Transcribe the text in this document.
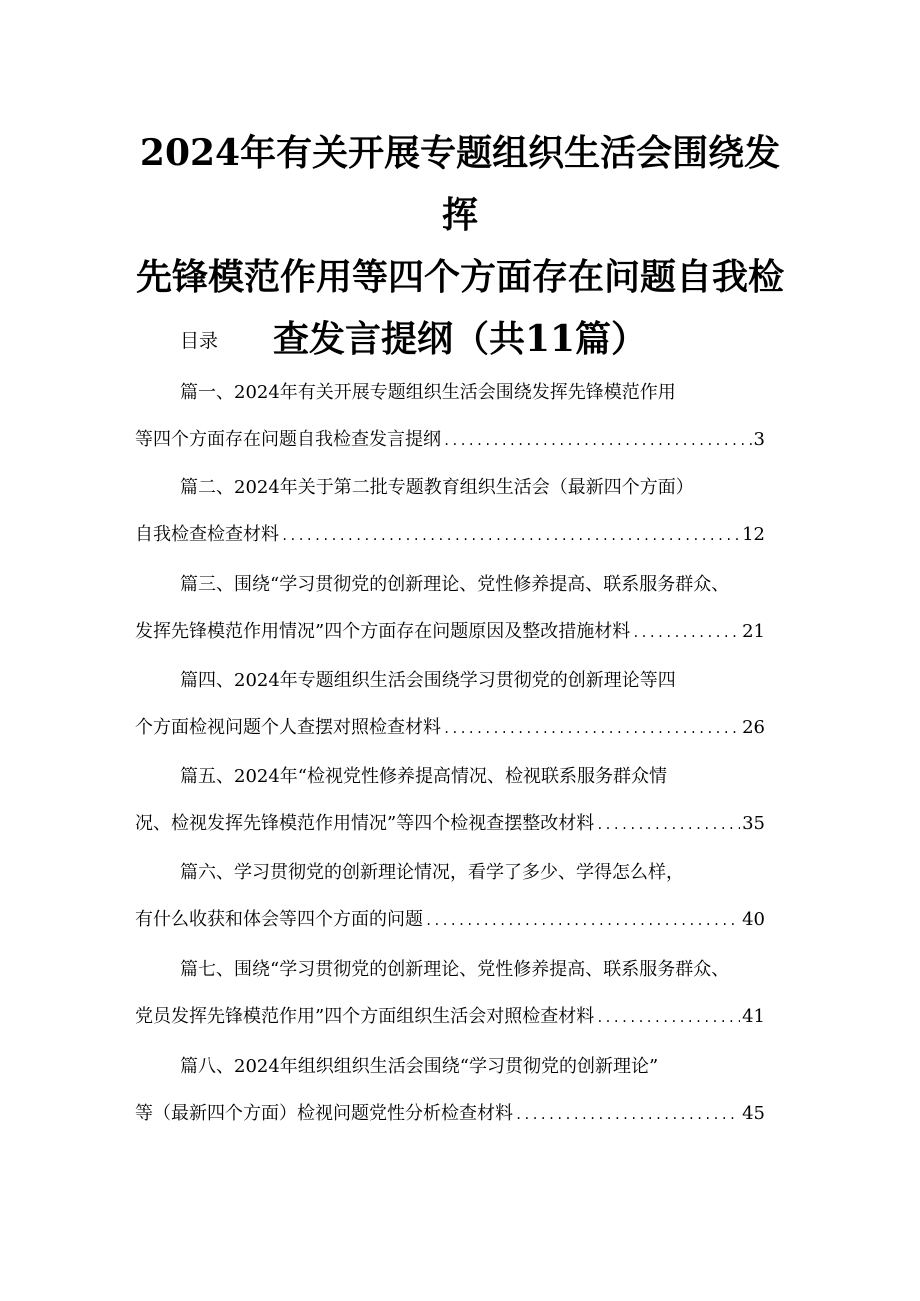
2024年有关开展专题组织生活会围绕发挥
先锋模范作用等四个方面存在问题自我检
查发言提纲（共11篇）
目录
篇一、2024年有关开展专题组织生活会围绕发挥先锋模范作用
等四个方面存在问题自我检查发言提纲 .....	3
篇二、2024年关于第二批专题教育组织生活会（最新四个方面）
自我检查检查材料 .....	12
篇三、围绕“学习贯彻党的创新理论、党性修养提高、联系服务群众、
发挥先锋模范作用情况”四个方面存在问题原因及整改措施材料 .....	21
篇四、2024年专题组织生活会围绕学习贯彻党的创新理论等四
个方面检视问题个人查摆对照检查材料 .....	26
篇五、2024年“检视党性修养提高情况、检视联系服务群众情
况、检视发挥先锋模范作用情况”等四个检视查摆整改材料 .....	35
篇六、学习贯彻党的创新理论情况，看学了多少、学得怎么样，
有什么收获和体会等四个方面的问题 .....	40
篇七、围绕“学习贯彻党的创新理论、党性修养提高、联系服务群众、
党员发挥先锋模范作用”四个方面组织生活会对照检查材料 .....	41
篇八、2024年组织组织生活会围绕“学习贯彻党的创新理论”
等（最新四个方面）检视问题党性分析检查材料 .....	45
